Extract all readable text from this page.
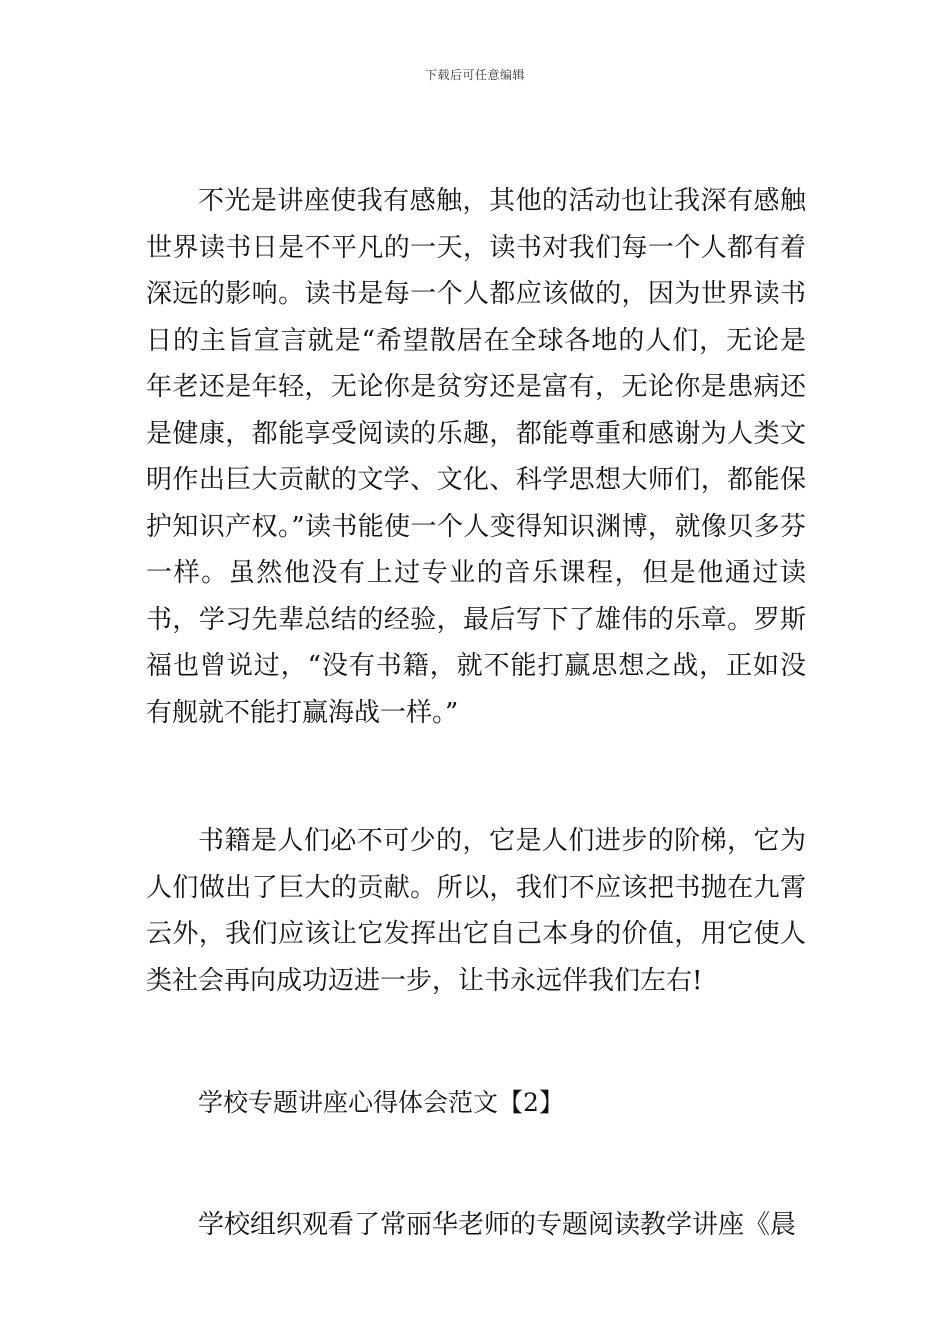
下载后可任意编辑

不光是讲座使我有感触，其他的活动也让我深有感触世界读书日是不平凡的一天，读书对我们每一个人都有着深远的影响。读书是每一个人都应该做的，因为世界读书日的主旨宣言就是“希望散居在全球各地的人们，无论是年老还是年轻，无论你是贫穷还是富有，无论你是患病还是健康，都能享受阅读的乐趣，都能尊重和感谢为人类文明作出巨大贡献的文学、文化、科学思想大师们，都能保护知识产权。”读书能使一个人变得知识渊博，就像贝多芬一样。虽然他没有上过专业的音乐课程，但是他通过读书，学习先辈总结的经验，最后写下了雄伟的乐章。罗斯福也曾说过，“没有书籍，就不能打赢思想之战，正如没有舰就不能打赢海战一样。”

书籍是人们必不可少的，它是人们进步的阶梯，它为人们做出了巨大的贡献。所以，我们不应该把书抛在九霄云外，我们应该让它发挥出它自己本身的价值，用它使人类社会再向成功迈进一步，让书永远伴我们左右!

学校专题讲座心得体会范文【2】

学校组织观看了常丽华老师的专题阅读教学讲座《晨
